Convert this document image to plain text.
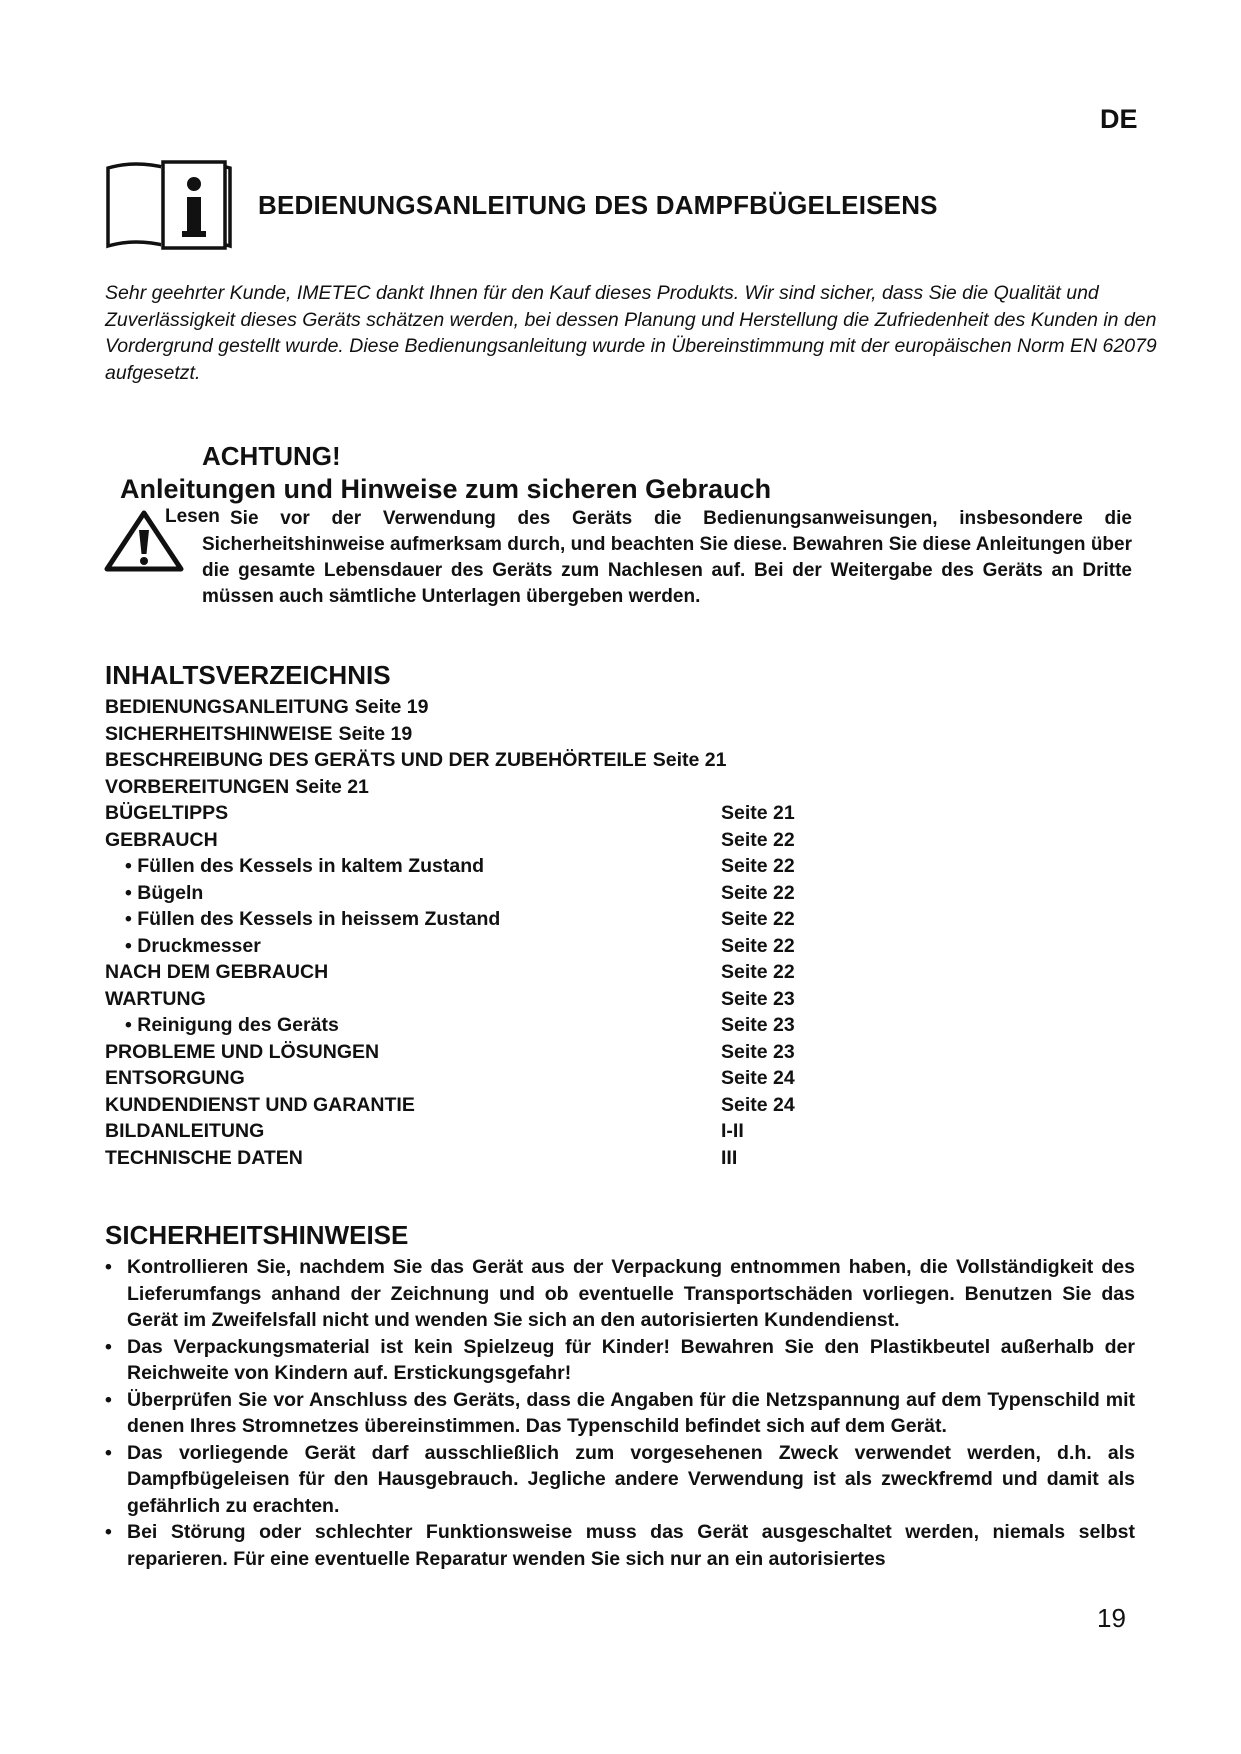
DE
BEDIENUNGSANLEITUNG DES DAMPFBÜGELEISENS

Sehr geehrter Kunde, IMETEC dankt Ihnen für den Kauf dieses Produkts. Wir sind sicher, dass Sie die Qualität und Zuverlässigkeit dieses Geräts schätzen werden, bei dessen Planung und Herstellung die Zufriedenheit des Kunden in den Vordergrund gestellt wurde. Diese Bedienungsanleitung wurde in Übereinstimmung mit der europäischen Norm EN 62079 aufgesetzt.

ACHTUNG!
Anleitungen und Hinweise zum sicheren Gebrauch
Lesen Sie vor der Verwendung des Geräts die Bedienungsanweisungen, insbesondere die Sicherheitshinweise aufmerksam durch, und beachten Sie diese. Bewahren Sie diese Anleitungen über die gesamte Lebensdauer des Geräts zum Nachlesen auf. Bei der Weitergabe des Geräts an Dritte müssen auch sämtliche Unterlagen übergeben werden.

INHALTSVERZEICHNIS
BEDIENUNGSANLEITUNG Seite 19
SICHERHEITSHINWEISE Seite 19
BESCHREIBUNG DES GERÄTS UND DER ZUBEHÖRTEILE Seite 21
VORBEREITUNGEN Seite 21
BÜGELTIPPS	Seite 21
GEBRAUCH	Seite 22
• Füllen des Kessels in kaltem Zustand	Seite 22
• Bügeln	Seite 22
• Füllen des Kessels in heissem Zustand	Seite 22
• Druckmesser	Seite 22
NACH DEM GEBRAUCH	Seite 22
WARTUNG	Seite 23
• Reinigung des Geräts	Seite 23
PROBLEME UND LÖSUNGEN	Seite 23
ENTSORGUNG	Seite 24
KUNDENDIENST UND GARANTIE	Seite 24
BILDANLEITUNG	I-II
TECHNISCHE DATEN	III
SICHERHEITSHINWEISE
• Kontrollieren Sie, nachdem Sie das Gerät aus der Verpackung entnommen haben, die Vollständigkeit des Lieferumfangs anhand der Zeichnung und ob eventuelle Transportschäden vorliegen. Benutzen Sie das Gerät im Zweifelsfall nicht und wenden Sie sich an den autorisierten Kundendienst.
• Das Verpackungsmaterial ist kein Spielzeug für Kinder! Bewahren Sie den Plastikbeutel außerhalb der Reichweite von Kindern auf. Erstickungsgefahr!
• Überprüfen Sie vor Anschluss des Geräts, dass die Angaben für die Netzspannung auf dem Typenschild mit denen Ihres Stromnetzes übereinstimmen. Das Typenschild befindet sich auf dem Gerät.
• Das vorliegende Gerät darf ausschließlich zum vorgesehenen Zweck verwendet werden, d.h. als Dampfbügeleisen für den Hausgebrauch. Jegliche andere Verwendung ist als zweckfremd und damit als gefährlich zu erachten.
• Bei Störung oder schlechter Funktionsweise muss das Gerät ausgeschaltet werden, niemals selbst reparieren. Für eine eventuelle Reparatur wenden Sie sich nur an ein autorisiertes
19
